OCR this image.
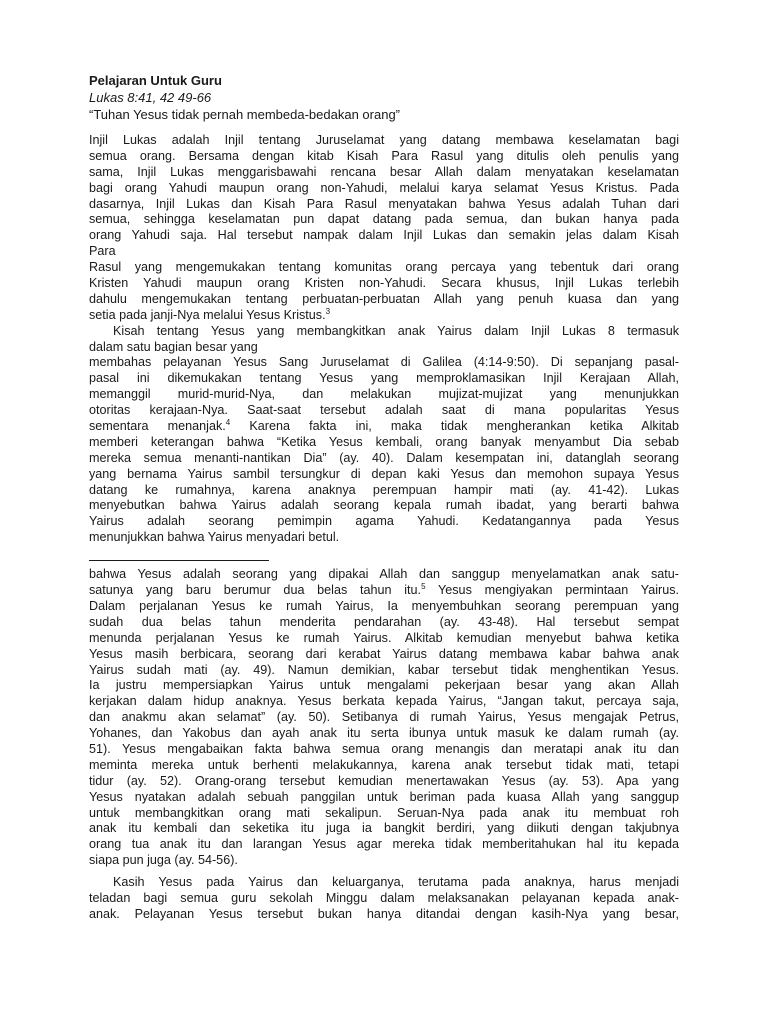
Pelajaran Untuk Guru

Lukas 8:41, 42 49-66

“Tuhan Yesus tidak pernah membeda-bedakan orang”

Injil Lukas adalah Injil tentang Juruselamat yang datang membawa keselamatan bagi
semua orang. Bersama dengan kitab Kisah Para Rasul yang ditulis oleh penulis yang
sama, Injil Lukas menggarisbawahi rencana besar Allah dalam menyatakan keselamatan
bagi orang Yahudi maupun orang non-Yahudi, melalui karya selamat Yesus Kristus. Pada
dasarnya, Injil Lukas dan Kisah Para Rasul menyatakan bahwa Yesus adalah Tuhan dari
semua, sehingga keselamatan pun dapat datang pada semua, dan bukan hanya pada
orang Yahudi saja. Hal tersebut nampak dalam Injil Lukas dan semakin jelas dalam Kisah
Para
Rasul yang mengemukakan tentang komunitas orang percaya yang tebentuk dari orang
Kristen Yahudi maupun orang Kristen non-Yahudi. Secara khusus, Injil Lukas terlebih
dahulu mengemukakan tentang perbuatan-perbuatan Allah yang penuh kuasa dan yang
setia pada janji-Nya melalui Yesus Kristus.$^3$
Kisah tentang Yesus yang membangkitkan anak Yairus dalam Injil Lukas 8 termasuk
dalam satu bagian besar yang
membahas pelayanan Yesus Sang Juruselamat di Galilea (4:14-9:50). Di sepanjang pasal-
pasal ini dikemukakan tentang Yesus yang memproklamasikan Injil Kerajaan Allah,
memanggil murid-murid-Nya, dan melakukan mujizat-mujizat yang menunjukkan
otoritas kerajaan-Nya. Saat-saat tersebut adalah saat di mana popularitas Yesus
sementara menanjak.$^4$ Karena fakta ini, maka tidak mengherankan ketika Alkitab
memberi keterangan bahwa “Ketika Yesus kembali, orang banyak menyambut Dia sebab
mereka semua menanti-nantikan Dia” (ay. 40). Dalam kesempatan ini, datanglah seorang
yang bernama Yairus sambil tersungkur di depan kaki Yesus dan memohon supaya Yesus
datang ke rumahnya, karena anaknya perempuan hampir mati (ay. 41-42). Lukas
menyebutkan bahwa Yairus adalah seorang kepala rumah ibadat, yang berarti bahwa
Yairus adalah seorang pemimpin agama Yahudi. Kedatangannya pada Yesus
menunjukkan bahwa Yairus menyadari betul.
bahwa Yesus adalah seorang yang dipakai Allah dan sanggup menyelamatkan anak satu-
satunya yang baru berumur dua belas tahun itu.$^5$ Yesus mengiyakan permintaan Yairus.
Dalam perjalanan Yesus ke rumah Yairus, Ia menyembuhkan seorang perempuan yang
sudah dua belas tahun menderita pendarahan (ay. 43-48). Hal tersebut sempat
menunda perjalanan Yesus ke rumah Yairus. Alkitab kemudian menyebut bahwa ketika
Yesus masih berbicara, seorang dari kerabat Yairus datang membawa kabar bahwa anak
Yairus sudah mati (ay. 49). Namun demikian, kabar tersebut tidak menghentikan Yesus.
Ia justru mempersiapkan Yairus untuk mengalami pekerjaan besar yang akan Allah
kerjakan dalam hidup anaknya. Yesus berkata kepada Yairus, “Jangan takut, percaya saja,
dan anakmu akan selamat” (ay. 50). Setibanya di rumah Yairus, Yesus mengajak Petrus,
Yohanes, dan Yakobus dan ayah anak itu serta ibunya untuk masuk ke dalam rumah (ay.
51). Yesus mengabaikan fakta bahwa semua orang menangis dan meratapi anak itu dan
meminta mereka untuk berhenti melakukannya, karena anak tersebut tidak mati, tetapi
tidur (ay. 52). Orang-orang tersebut kemudian menertawakan Yesus (ay. 53). Apa yang
Yesus nyatakan adalah sebuah panggilan untuk beriman pada kuasa Allah yang sanggup
untuk membangkitkan orang mati sekalipun. Seruan-Nya pada anak itu membuat roh
anak itu kembali dan seketika itu juga ia bangkit berdiri, yang diikuti dengan takjubnya
orang tua anak itu dan larangan Yesus agar mereka tidak memberitahukan hal itu kepada
siapa pun juga (ay. 54-56).
Kasih Yesus pada Yairus dan keluarganya, terutama pada anaknya, harus menjadi
teladan bagi semua guru sekolah Minggu dalam melaksanakan pelayanan kepada anak-
anak. Pelayanan Yesus tersebut bukan hanya ditandai dengan kasih-Nya yang besar,
